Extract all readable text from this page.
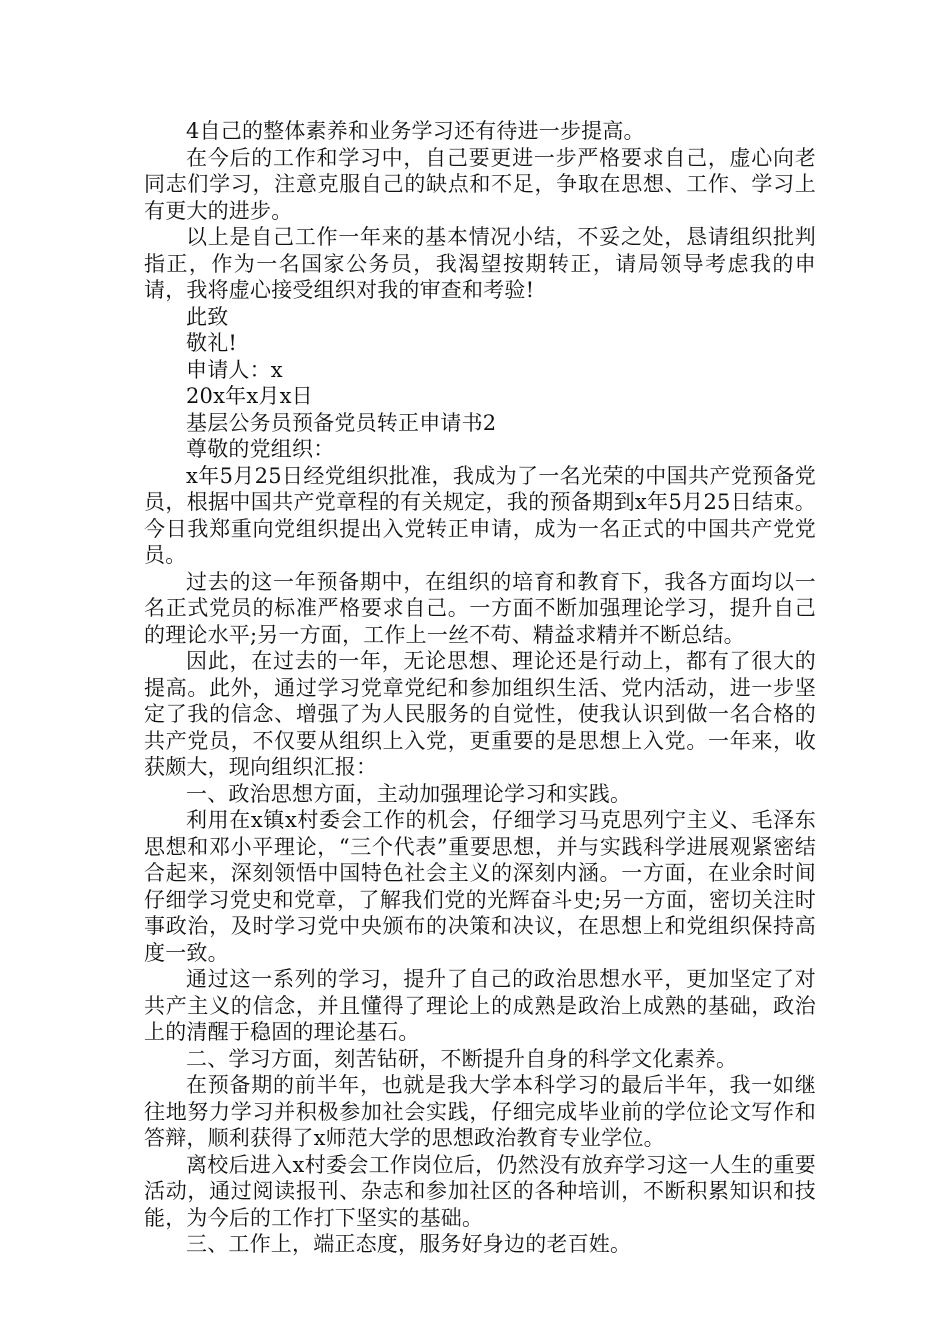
4自己的整体素养和业务学习还有待进一步提高。

在今后的工作和学习中，自己要更进一步严格要求自己，虚心向老同志们学习，注意克服自己的缺点和不足，争取在思想、工作、学习上有更大的进步。

以上是自己工作一年来的基本情况小结，不妥之处，恳请组织批判指正，作为一名国家公务员，我渴望按期转正，请局领导考虑我的申请，我将虚心接受组织对我的审查和考验!

此致

敬礼!

申请人：x

20x年x月x日

基层公务员预备党员转正申请书2

尊敬的党组织：

x年5月25日经党组织批准，我成为了一名光荣的中国共产党预备党员，根据中国共产党章程的有关规定，我的预备期到x年5月25日结束。今日我郑重向党组织提出入党转正申请，成为一名正式的中国共产党党员。

过去的这一年预备期中，在组织的培育和教育下，我各方面均以一名正式党员的标准严格要求自己。一方面不断加强理论学习，提升自己的理论水平;另一方面，工作上一丝不苟、精益求精并不断总结。

因此，在过去的一年，无论思想、理论还是行动上，都有了很大的提高。此外，通过学习党章党纪和参加组织生活、党内活动，进一步坚定了我的信念、增强了为人民服务的自觉性，使我认识到做一名合格的共产党员，不仅要从组织上入党，更重要的是思想上入党。一年来，收获颇大，现向组织汇报：

一、政治思想方面，主动加强理论学习和实践。

利用在x镇x村委会工作的机会，仔细学习马克思列宁主义、毛泽东思想和邓小平理论，“三个代表”重要思想，并与实践科学进展观紧密结合起来，深刻领悟中国特色社会主义的深刻内涵。一方面，在业余时间仔细学习党史和党章，了解我们党的光辉奋斗史;另一方面，密切关注时事政治，及时学习党中央颁布的决策和决议，在思想上和党组织保持高度一致。

通过这一系列的学习，提升了自己的政治思想水平，更加坚定了对共产主义的信念，并且懂得了理论上的成熟是政治上成熟的基础，政治上的清醒于稳固的理论基石。

二、学习方面，刻苦钻研，不断提升自身的科学文化素养。

在预备期的前半年，也就是我大学本科学习的最后半年，我一如继往地努力学习并积极参加社会实践，仔细完成毕业前的学位论文写作和答辩，顺利获得了x师范大学的思想政治教育专业学位。

离校后进入x村委会工作岗位后，仍然没有放弃学习这一人生的重要活动，通过阅读报刊、杂志和参加社区的各种培训，不断积累知识和技能，为今后的工作打下坚实的基础。

三、工作上，端正态度，服务好身边的老百姓。
